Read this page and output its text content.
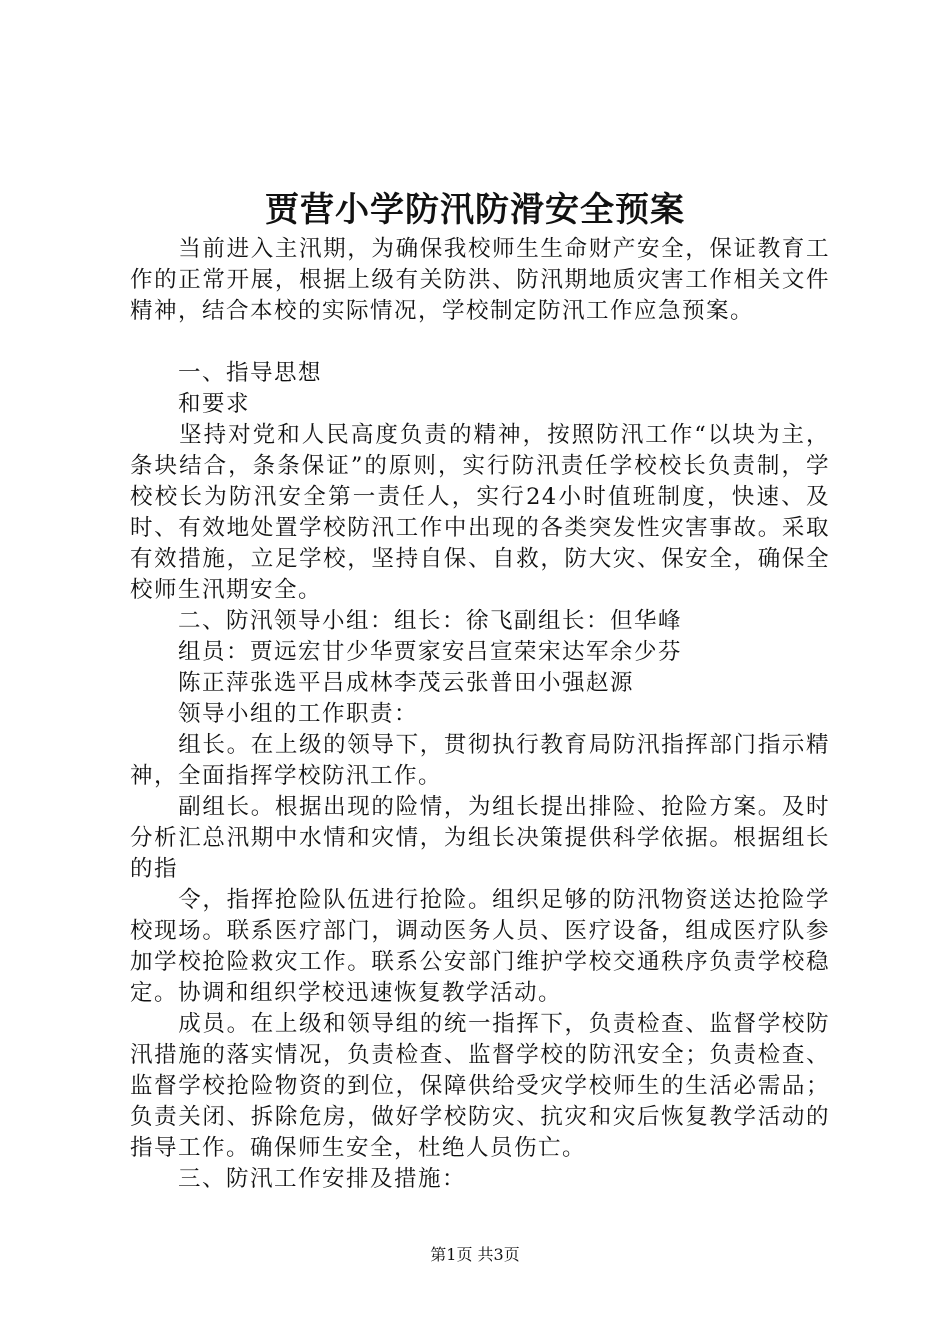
贾营小学防汛防滑安全预案

　　当前进入主汛期，为确保我校师生生命财产安全，保证教育工作的正常开展，根据上级有关防洪、防汛期地质灾害工作相关文件精神，结合本校的实际情况，学校制定防汛工作应急预案。

　　一、指导思想

　　和要求

　　坚持对党和人民高度负责的精神，按照防汛工作“以块为主，条块结合，条条保证”的原则，实行防汛责任学校校长负责制，学校校长为防汛安全第一责任人，实行24小时值班制度，快速、及时、有效地处置学校防汛工作中出现的各类突发性灾害事故。采取有效措施，立足学校，坚持自保、自救，防大灾、保安全，确保全校师生汛期安全。

　　二、防汛领导小组：组长：徐飞副组长：但华峰

　　组员：贾远宏甘少华贾家安吕宣荣宋达军余少芬

　　陈正萍张选平吕成林李茂云张普田小强赵源

　　领导小组的工作职责：

　　组长。在上级的领导下，贯彻执行教育局防汛指挥部门指示精神，全面指挥学校防汛工作。

　　副组长。根据出现的险情，为组长提出排险、抢险方案。及时分析汇总汛期中水情和灾情，为组长决策提供科学依据。根据组长的指

　　令，指挥抢险队伍进行抢险。组织足够的防汛物资送达抢险学校现场。联系医疗部门，调动医务人员、医疗设备，组成医疗队参加学校抢险救灾工作。联系公安部门维护学校交通秩序负责学校稳定。协调和组织学校迅速恢复教学活动。

　　成员。在上级和领导组的统一指挥下，负责检查、监督学校防汛措施的落实情况，负责检查、监督学校的防汛安全；负责检查、监督学校抢险物资的到位，保障供给受灾学校师生的生活必需品；负责关闭、拆除危房，做好学校防灾、抗灾和灾后恢复教学活动的指导工作。确保师生安全，杜绝人员伤亡。

　　三、防汛工作安排及措施：

第1页 共3页
